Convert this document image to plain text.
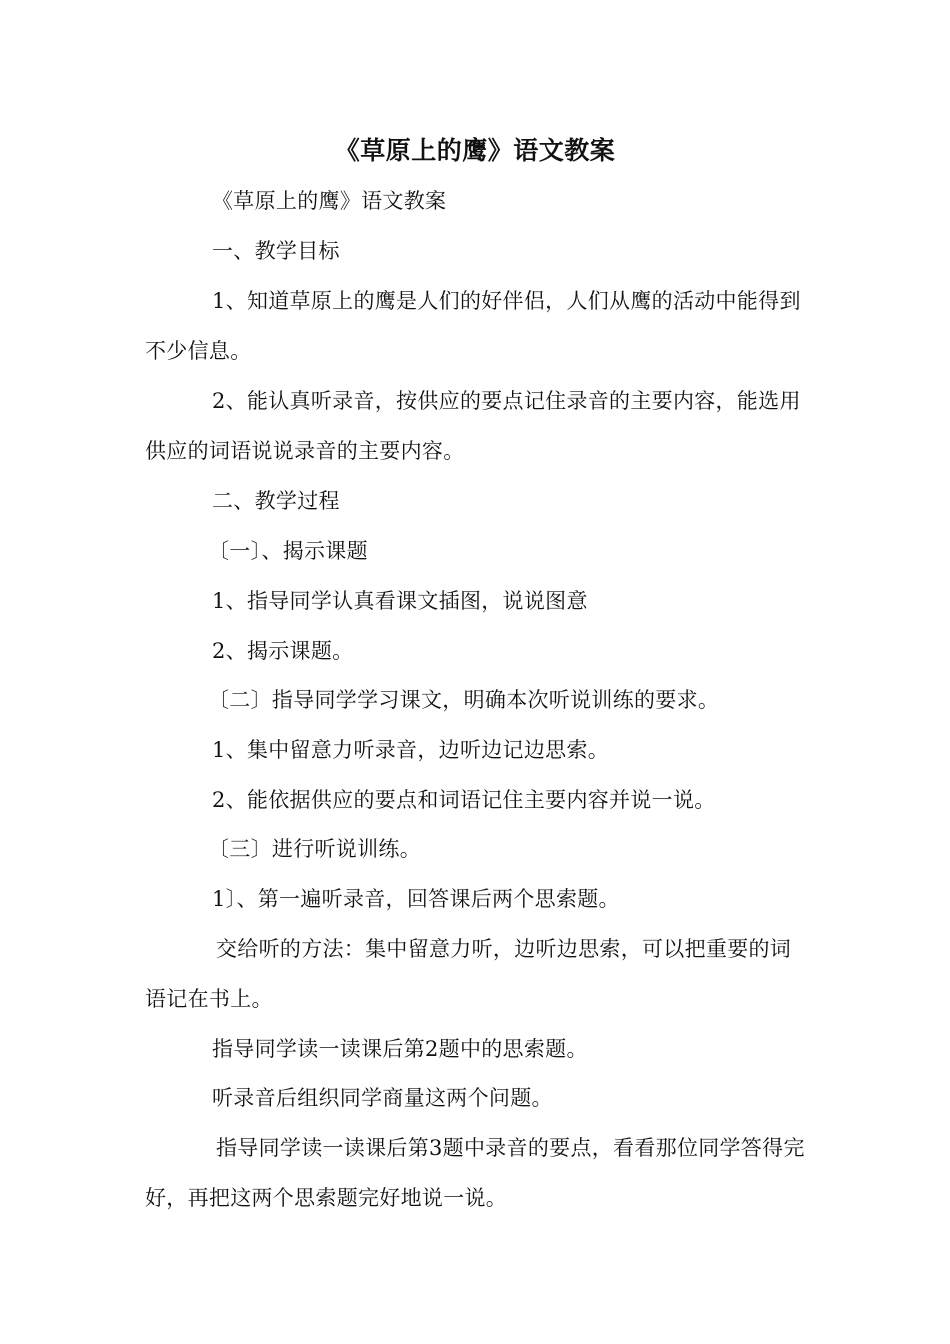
《草原上的鹰》语文教案

《草原上的鹰》语文教案

一、教学目标

1、知道草原上的鹰是人们的好伴侣，人们从鹰的活动中能得到不少信息。

2、能认真听录音，按供应的要点记住录音的主要内容，能选用供应的词语说说录音的主要内容。

二、教学过程

〔一〕、揭示课题

1、指导同学认真看课文插图，说说图意

2、揭示课题。

〔二〕指导同学学习课文，明确本次听说训练的要求。

1、集中留意力听录音，边听边记边思索。

2、能依据供应的要点和词语记住主要内容并说一说。

〔三〕进行听说训练。

1〕、第一遍听录音，回答课后两个思索题。

交给听的方法：集中留意力听，边听边思索，可以把重要的词语记在书上。

指导同学读一读课后第2题中的思索题。

听录音后组织同学商量这两个问题。

指导同学读一读课后第3题中录音的要点，看看那位同学答得完好，再把这两个思索题完好地说一说。
